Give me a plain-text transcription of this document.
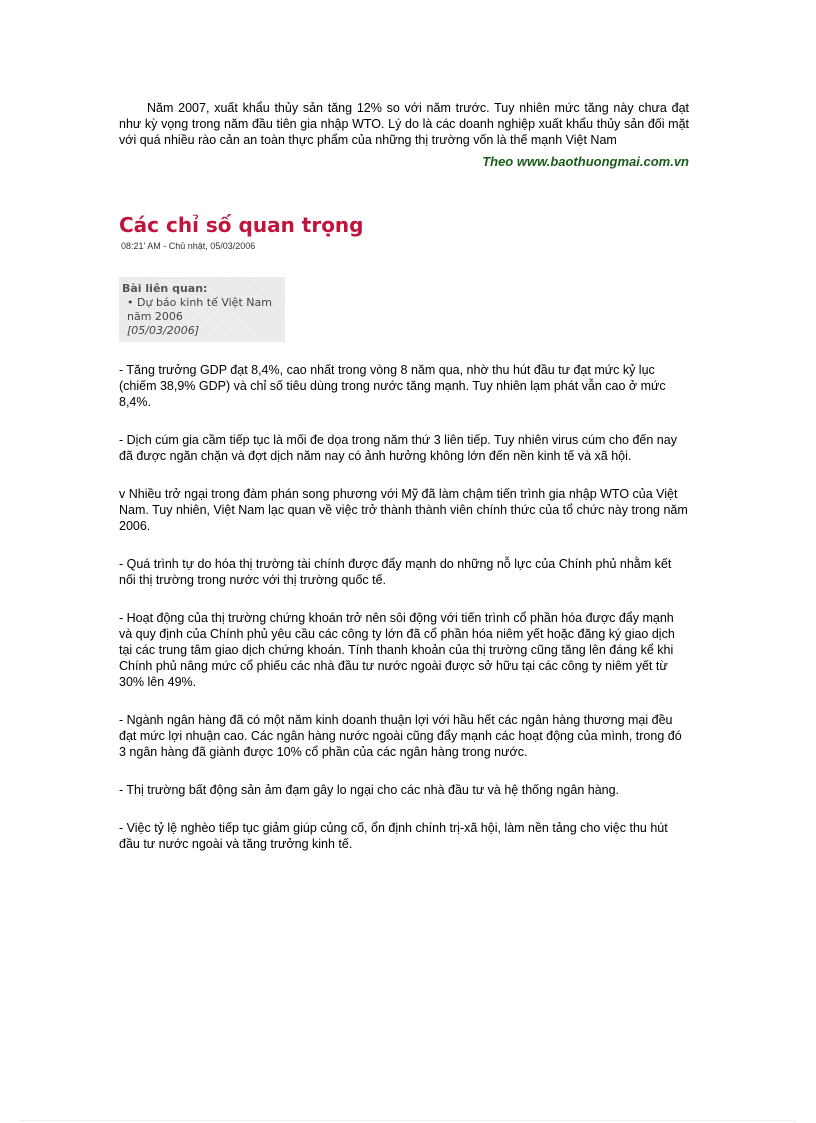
Năm 2007, xuất khẩu thủy sản tăng 12% so với năm trước. Tuy nhiên mức tăng này chưa đạt như kỳ vọng trong năm đầu tiên gia nhập WTO. Lý do là các doanh nghiệp xuất khẩu thủy sản đối mặt với quá nhiều rào cản an toàn thực phẩm của những thị trường vốn là thế mạnh Việt Nam

Theo www.baothuongmai.com.vn
Các chỉ số quan trọng
08:21' AM - Chủ nhật, 05/03/2006
Bài liên quan:
• Dự báo kinh tế Việt Nam năm 2006
[05/03/2006]

- Tăng trưởng GDP đạt 8,4%, cao nhất trong vòng 8 năm qua, nhờ thu hút đầu tư đạt mức kỷ lục (chiếm 38,9% GDP) và chỉ số tiêu dùng trong nước tăng mạnh. Tuy nhiên lạm phát vẫn cao ở mức 8,4%.

- Dịch cúm gia cầm tiếp tục là mối đe dọa trong năm thứ 3 liên tiếp. Tuy nhiên virus cúm cho đến nay đã được ngăn chặn và đợt dịch năm nay có ảnh hưởng không lớn đến nền kinh tế và xã hội.

v Nhiều trở ngại trong đàm phán song phương với Mỹ đã làm chậm tiến trình gia nhập WTO của Việt Nam. Tuy nhiên, Việt Nam lạc quan về việc trở thành thành viên chính thức của tổ chức này trong năm 2006.

- Quá trình tự do hóa thị trường tài chính được đẩy mạnh do những nỗ lực của Chính phủ nhằm kết nối thị trường trong nước với thị trường quốc tế.

- Hoạt động của thị trường chứng khoán trở nên sôi động với tiến trình cổ phần hóa được đẩy mạnh và quy định của Chính phủ yêu cầu các công ty lớn đã cổ phần hóa niêm yết hoặc đăng ký giao dịch tại các trung tâm giao dịch chứng khoán. Tính thanh khoản của thị trường cũng tăng lên đáng kể khi Chính phủ nâng mức cổ phiếu các nhà đầu tư nước ngoài được sở hữu tại các công ty niêm yết từ 30% lên 49%.

- Ngành ngân hàng đã có một năm kinh doanh thuận lợi với hầu hết các ngân hàng thương mại đều đạt mức lợi nhuận cao. Các ngân hàng nước ngoài cũng đẩy mạnh các hoạt động của mình, trong đó 3 ngân hàng đã giành được 10% cổ phần của các ngân hàng trong nước.

- Thị trường bất động sản ảm đạm gây lo ngại cho các nhà đầu tư và hệ thống ngân hàng.

- Việc tỷ lệ nghèo tiếp tục giảm giúp củng cố, ổn định chính trị-xã hội, làm nền tảng cho việc thu hút đầu tư nước ngoài và tăng trưởng kinh tế.
